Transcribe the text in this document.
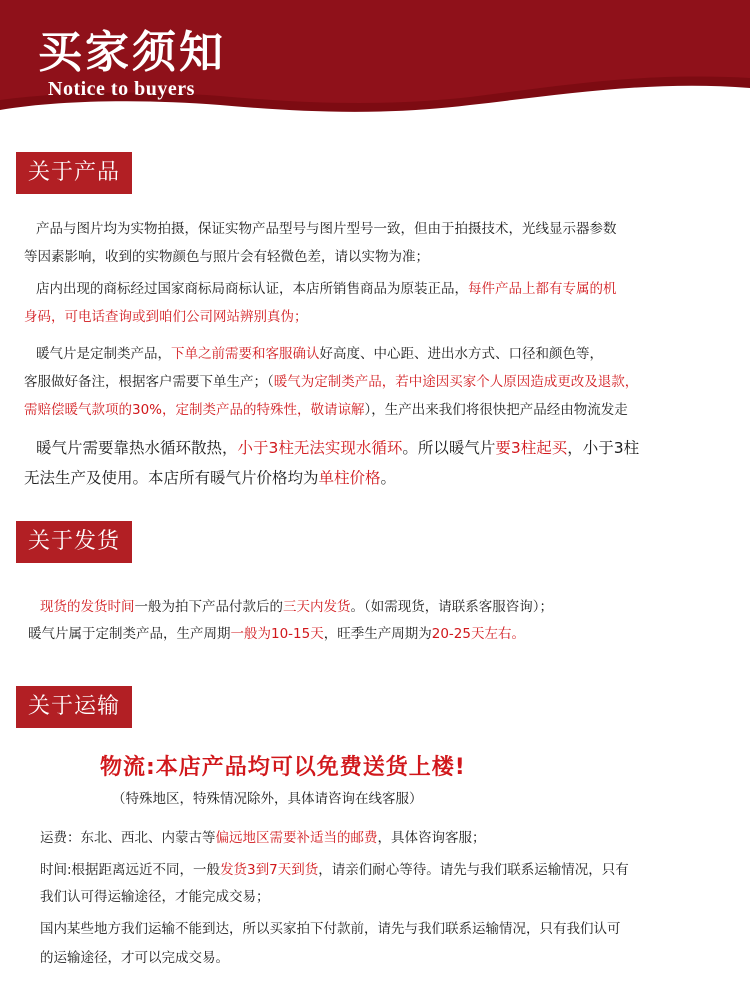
买家须知
Notice to buyers
关于产品

产品与图片均为实物拍摄，保证实物产品型号与图片型号一致，但由于拍摄技术，光线显示器参数

等因素影响，收到的实物颜色与照片会有轻微色差，请以实物为准；

店内出现的商标经过国家商标局商标认证，本店所销售商品为原装正品，每件产品上都有专属的机

身码，可电话查询或到咱们公司网站辨别真伪；

暖气片是定制类产品，下单之前需要和客服确认好高度、中心距、进出水方式、口径和颜色等，

客服做好备注，根据客户需要下单生产；（暖气为定制类产品，若中途因买家个人原因造成更改及退款，

需赔偿暖气款项的30%，定制类产品的特殊性，敬请谅解），生产出来我们将很快把产品经由物流发走

暖气片需要靠热水循环散热，小于3柱无法实现水循环。所以暖气片要3柱起买，小于3柱

无法生产及使用。本店所有暖气片价格均为单柱价格。

关于发货

现货的发货时间一般为拍下产品付款后的三天内发货。（如需现货，请联系客服咨询）；

暖气片属于定制类产品，生产周期一般为10-15天，旺季生产周期为20-25天左右。

关于运输

物流:本店产品均可以免费送货上楼!

（特殊地区，特殊情况除外，具体请咨询在线客服）

运费：东北、西北、内蒙古等偏远地区需要补适当的邮费，具体咨询客服；

时间:根据距离远近不同，一般发货3到7天到货，请亲们耐心等待。请先与我们联系运输情况，只有

我们认可得运输途径，才能完成交易；

国内某些地方我们运输不能到达，所以买家拍下付款前，请先与我们联系运输情况，只有我们认可

的运输途径，才可以完成交易。
